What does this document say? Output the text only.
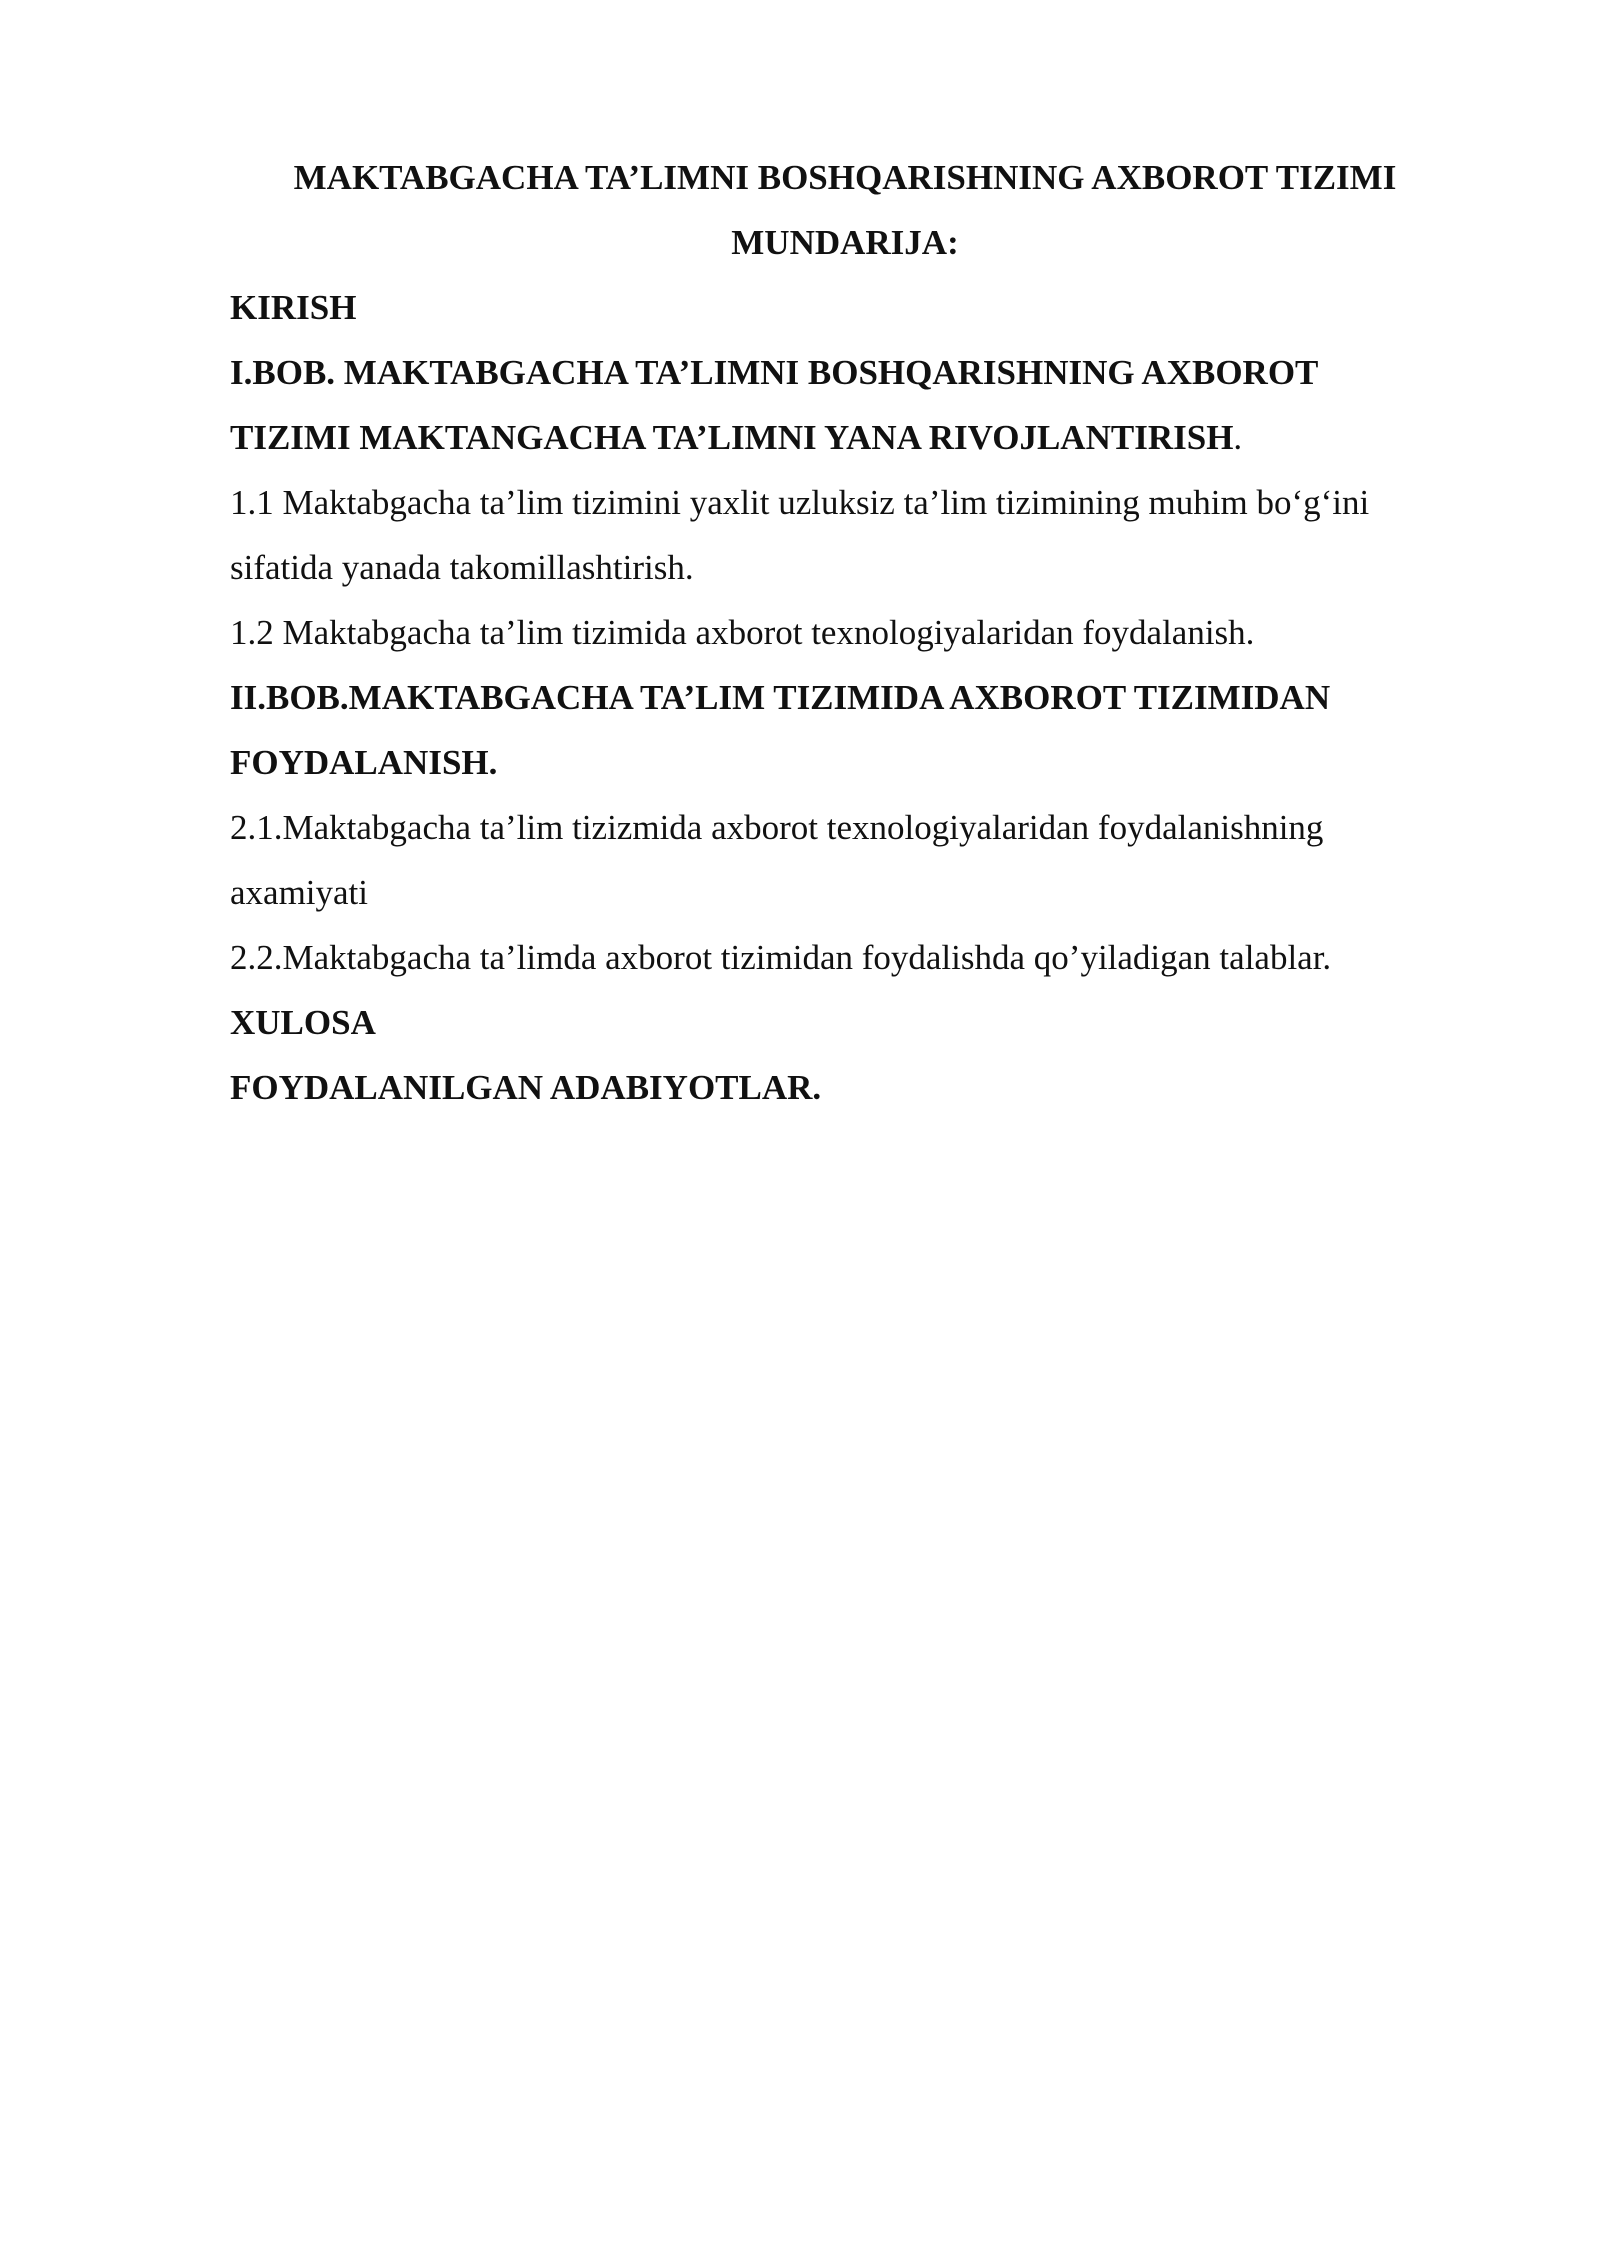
MAKTABGACHA TA’LIMNI BOSHQARISHNING AXBOROT TIZIMI
MUNDARIJA:
KIRISH
I.BOB. MAKTABGACHA TA’LIMNI BOSHQARISHNING AXBOROT
TIZIMI MAKTANGACHA TA’LIMNI YANA RIVOJLANTIRISH.
1.1 Maktabgacha ta’lim tizimini yaxlit uzluksiz ta’lim tizimining muhim bo‘g‘ini
sifatida yanada takomillashtirish.
1.2 Maktabgacha ta’lim tizimida axborot texnologiyalaridan foydalanish.
II.BOB.MAKTABGACHA TA’LIM TIZIMIDA AXBOROT TIZIMIDAN
FOYDALANISH.
2.1.Maktabgacha ta’lim tizizmida axborot texnologiyalaridan foydalanishning
axamiyati
2.2.Maktabgacha ta’limda axborot tizimidan foydalishda qo’yiladigan talablar.
XULOSA
FOYDALANILGAN ADABIYOTLAR.
